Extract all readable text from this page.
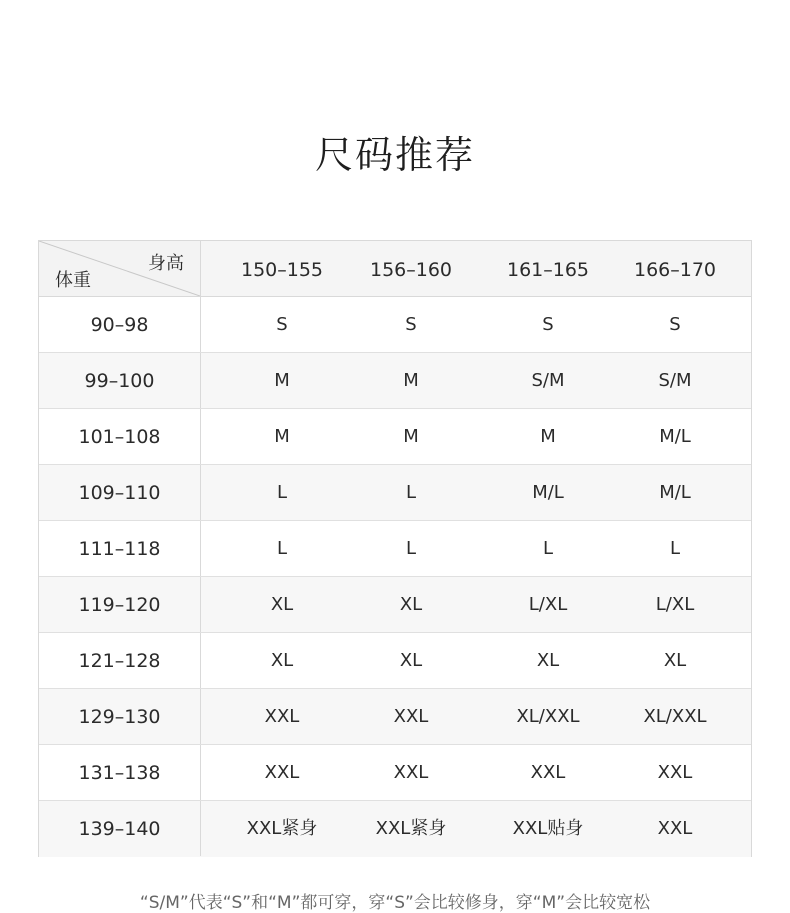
尺码推荐
身高
体重	150–155	156–160	161–165	166–170
90–98	S	S	S	S
99–100	M	M	S/M	S/M
101–108	M	M	M	M/L
109–110	L	L	M/L	M/L
111–118	L	L	L	L
119–120	XL	XL	L/XL	L/XL
121–128	XL	XL	XL	XL
129–130	XXL	XXL	XL/XXL	XL/XXL
131–138	XXL	XXL	XXL	XXL
139–140	XXL紧身	XXL紧身	XXL贴身	XXL
“S/M”代表“S”和“M”都可穿，穿“S”会比较修身，穿“M”会比较宽松
